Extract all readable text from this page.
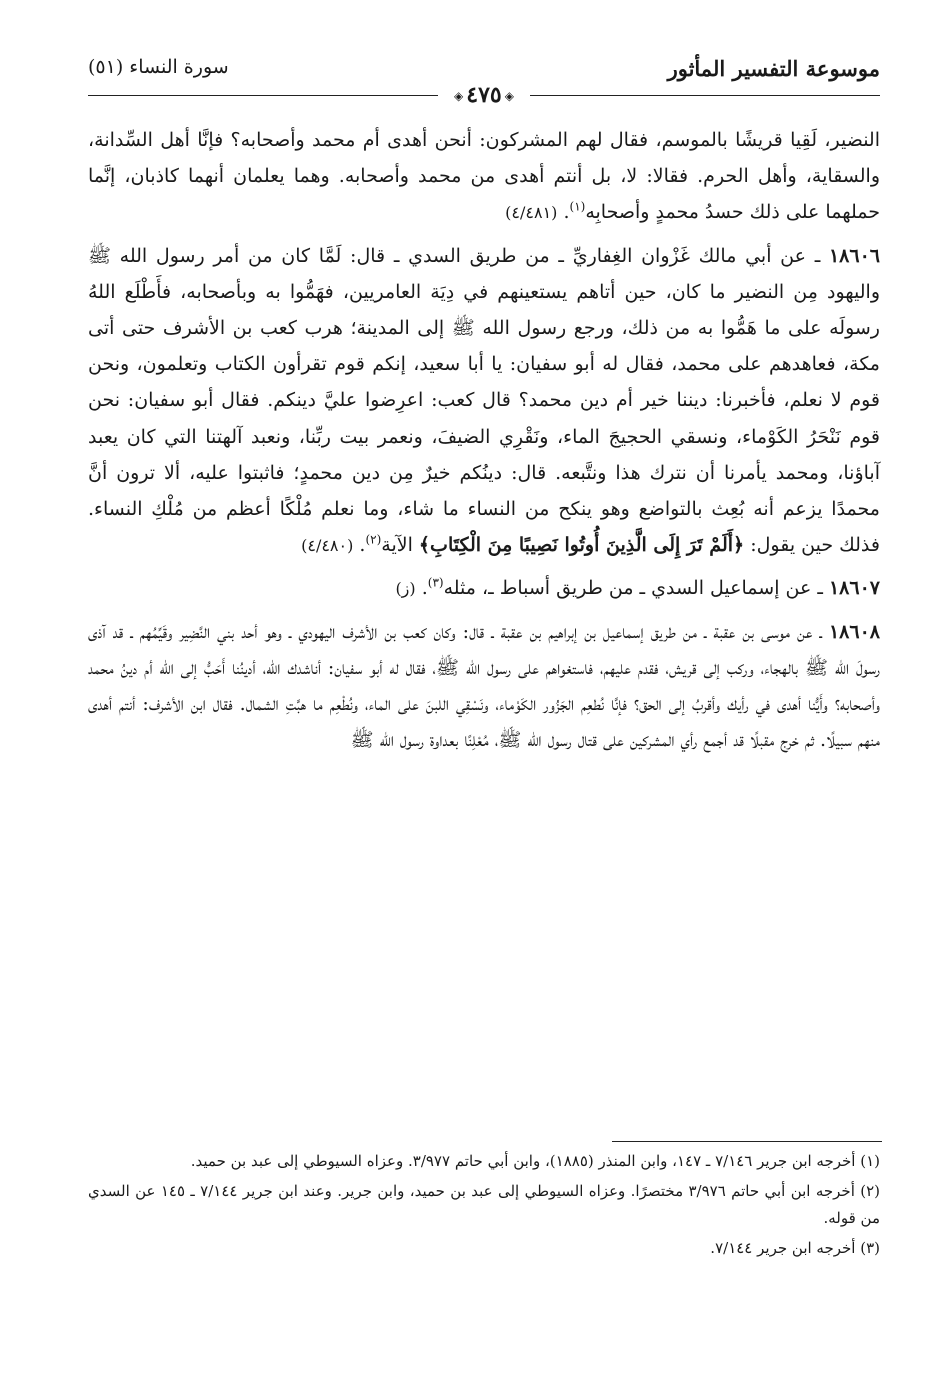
موسوعة التفسير المأثور
سورة النساء (٥١)
◈٤٧٥◈

النضير، لَقِيا قريشًا بالموسم، فقال لهم المشركون: أنحن أهدى أم محمد وأصحابه؟ فإنَّا أهل السِّدانة، والسقاية، وأهل الحرم. فقالا: لا، بل أنتم أهدى من محمد وأصحابه. وهما يعلمان أنهما كاذبان، إنَّما حملهما على ذلك حسدُ محمدٍ وأصحابِه$^{(١)}$. (٤/٤٨١)

١٨٦٠٦ ـ عن أبي مالك غَزْوان الغِفاريِّ ـ من طريق السدي ـ قال: لَمَّا كان من أمر رسول الله ﷺ واليهود مِن النضير ما كان، حين أتاهم يستعينهم في دِيَة العامريين، فهَمُّوا به وبأصحابه، فأَطْلَع اللهُ رسولَه على ما هَمُّوا به من ذلك، ورجع رسول الله ﷺ إلى المدينة؛ هرب كعب بن الأشرف حتى أتى مكة، فعاهدهم على محمد، فقال له أبو سفيان: يا أبا سعيد، إنكم قوم تقرأون الكتاب وتعلمون، ونحن قوم لا نعلم، فأخبرنا: ديننا خير أم دين محمد؟ قال كعب: اعرِضوا عليَّ دينكم. فقال أبو سفيان: نحن قوم نَنْحَرُ الكَوْماء، ونسقي الحجيجَ الماء، ونَقْرِي الضيفَ، ونعمر بيت ربِّنا، ونعبد آلهتنا التي كان يعبد آباؤنا، ومحمد يأمرنا أن نترك هذا ونتَّبعه. قال: دينُكم خيرٌ مِن دين محمدٍ؛ فاثبتوا عليه، ألا ترون أنَّ محمدًا يزعم أنه بُعِث بالتواضع وهو ينكح من النساء ما شاء، وما نعلم مُلْكًا أعظم من مُلْكِ النساء. فذلك حين يقول: ﴿أَلَمْ تَرَ إِلَى الَّذِينَ أُوتُوا نَصِيبًا مِنَ الْكِتَابِ﴾ الآية$^{(٢)}$. (٤/٤٨٠)

١٨٦٠٧ ـ عن إسماعيل السدي ـ من طريق أسباط ـ، مثله$^{(٣)}$. (ز)

١٨٦٠٨ ـ عن موسى بن عقبة ـ من طريق إسماعيل بن إبراهيم بن عقبة ـ قال: وكان كعب بن الأشرف اليهودي ـ وهو أحد بني النَّضِير وقَيِّمُهم ـ قد آذى رسولَ الله ﷺ بالهجاء، وركب إلى قريش، فقدم عليهم، فاستغواهم على رسول الله ﷺ، فقال له أبو سفيان: أناشدك الله، أدينُنا أَحَبُّ إلى الله أم دينُ محمد وأصحابه؟ وأَيُّنا أهدى في رأيك وأقربُ إلى الحق؟ فإنَّا نُطعِم الجَزُور الكَوْماء، ونَسْقِي اللبنَ على الماء، ونُطْعِم ما هبَّتِ الشمال. فقال ابن الأشرف: أنتم أهدى منهم سبيلًا. ثم خرج مقبلًا قد أجمع رأي المشركين على قتال رسول الله ﷺ، مُعْلِنًا بعداوة رسول الله ﷺ

(١) أخرجه ابن جرير ٧/١٤٦ ـ ١٤٧، وابن المنذر (١٨٨٥)، وابن أبي حاتم ٣/٩٧٧. وعزاه السيوطي إلى عبد بن حميد.

(٢) أخرجه ابن أبي حاتم ٣/٩٧٦ مختصرًا. وعزاه السيوطي إلى عبد بن حميد، وابن جرير. وعند ابن جرير ٧/١٤٤ ـ ١٤٥ عن السدي من قوله.

(٣) أخرجه ابن جرير ٧/١٤٤.
